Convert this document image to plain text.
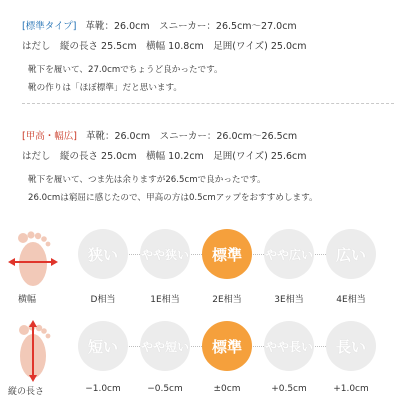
[標準タイプ] 革靴：26.0cm　スニーカー：26.5cm〜27.0cm
はだし　縦の長さ 25.5cm　横幅 10.8cm　足囲(ワイズ) 25.0cm
靴下を履いて、27.0cmでちょうど良かったです。
靴の作りは「ほぼ標準」だと思います。
[甲高・幅広] 革靴：26.0cm　スニーカー：26.0cm〜26.5cm
はだし　縦の長さ 25.0cm　横幅 10.2cm　足囲(ワイズ) 25.6cm
靴下を履いて、つま先は余りますが26.5cmで良かったです。
26.0cmは窮屈に感じたので、甲高の方は0.5cmアップをおすすめします。
横幅
狭い やや狭い 標準 やや広い 広い
D相当	1E相当	2E相当	3E相当	4E相当
縦の長さ
短い やや短い 標準 やや長い 長い
−1.0cm	−0.5cm	±0cm	+0.5cm	+1.0cm
